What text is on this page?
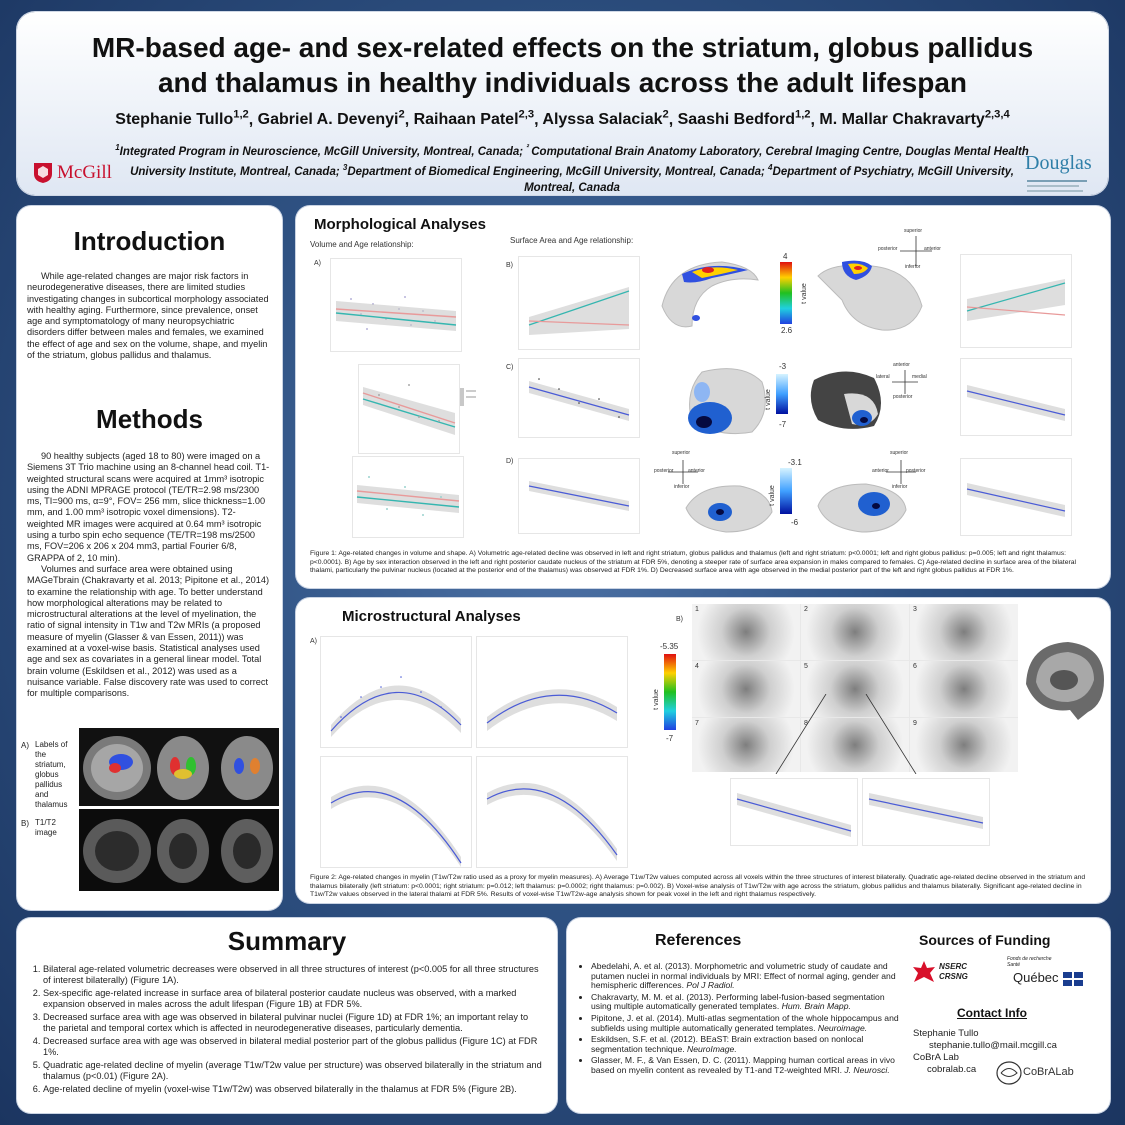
MR-based age- and sex-related effects on the striatum, globus pallidus
and thalamus in healthy individuals across the adult lifespan
Stephanie Tullo$^{1,2}$, Gabriel A. Devenyi$^2$, Raihaan Patel$^{2,3}$, Alyssa Salaciak$^2$, Saashi Bedford$^{1,2}$, M. Mallar Chakravarty$^{2,3,4}$
$^1$Integrated Program in Neuroscience, McGill University, Montreal, Canada; $^{^2}$ Computational Brain Anatomy Laboratory, Cerebral Imaging Centre, Douglas Mental Health University Institute, Montreal, Canada; $^3$Department of Biomedical Engineering, McGill University, Montreal, Canada; $^4$Department of Psychiatry, McGill University, Montreal, Canada
McGill	Douglas
Introduction
While age-related changes are major risk factors in neurodegenerative diseases, there are limited studies investigating changes in subcortical morphology associated with healthy aging. Furthermore, since prevalence, onset age and symptomatology of many neuropsychiatric disorders differ between males and females, we examined the effect of age and sex on the volume, shape, and myelin of the striatum, globus pallidus and thalamus.
Methods
90 healthy subjects (aged 18 to 80) were imaged on a Siemens 3T Trio machine using an 8-channel head coil. T1-weighted structural scans were acquired at 1mm³ isotropic using the ADNI MPRAGE protocol (TE/TR=2.98 ms/2300 ms, TI=900 ms, α=9°, FOV= 256 mm, slice thickness=1.00 mm, and 1.00 mm³ isotropic voxel dimensions). T2-weighted MR images were acquired at 0.64 mm³ isotropic using a turbo spin echo sequence (TE/TR=198 ms/2500 ms, FOV=206 x 206 x 204 mm3, partial Fourier 6/8, GRAPPA of 2, 10 min).
Volumes and surface area were obtained using MAGeTbrain (Chakravarty et al. 2013; Pipitone et al., 2014) to examine the relationship with age. To better understand how morphological alterations may be related to microstructural alterations at the level of myelination, the ratio of signal intensity in T1w and T2w MRIs (a proposed measure of myelin (Glasser & van Essen, 2011)) was examined at a voxel-wise basis. Statistical analyses used age and sex as covariates in a general linear model. Total brain volume (Eskildsen et al., 2012) was used as a nuisance variable. False discovery rate was used to correct for multiple comparisons.
A) Labels of the striatum, globus pallidus and thalamus
B) T1/T2 image
Morphological Analyses
Volume and Age relationship:	Surface Area and Age relationship:
A)	B)
C)
D)
superior
inferior
posterior	anterior
4
2.6
t value
-3
-7
t value
anterior
posterior
lateral	medial
superior
inferior
posterior	anterior
-3.1
-6
t value
superior
inferior
anterior	posterior
Figure 1: Age-related changes in volume and shape. A) Volumetric age-related decline was observed in left and right striatum, globus pallidus and thalamus (left and right striatum: p<0.0001; left and right globus pallidus: p=0.005; left and right thalamus: p<0.0001). B) Age by sex interaction observed in the left and right posterior caudate nucleus of the striatum at FDR 5%, denoting a steeper rate of surface area expansion in males compared to females. C) Age-related decline in surface area of the bilateral thalami, particularly the pulvinar nucleus (located at the posterior end of the thalamus) was observed at FDR 1%. D) Decreased surface area with age observed in the medial posterior part of the left and right globus pallidus at FDR 1%.
Microstructural Analyses
A)
B)
-5.35
-7
t value
1	2	3
4	5	6
7	8	9
Figure 2: Age-related changes in myelin (T1w/T2w ratio used as a proxy for myelin measures). A) Average T1w/T2w values computed across all voxels within the three structures of interest bilaterally. Quadratic age-related decline observed in the striatum and thalamus bilaterally (left striatum: p<0.0001; right striatum: p=0.012; left thalamus: p=0.0002; right thalamus: p=0.002). B) Voxel-wise analysis of T1w/T2w with age across the striatum, globus pallidus and thalamus bilaterally. Significant age-related decline in T1w/T2w values observed in the lateral thalami at FDR 5%. Results of voxel-wise T1w/T2w-age analysis shown for peak voxel in the left and right thalamus respectively.
Summary
1. Bilateral age-related volumetric decreases were observed in all three structures of interest (p<0.005 for all three structures of interest bilaterally) (Figure 1A).
2. Sex-specific age-related increase in surface area of bilateral posterior caudate nucleus was observed, with a marked expansion observed in males across the adult lifespan (Figure 1B) at FDR 5%.
3. Decreased surface area with age was observed in bilateral pulvinar nuclei (Figure 1D) at FDR 1%; an important relay to the parietal and temporal cortex which is affected in neurodegenerative diseases, particularly dementia.
4. Decreased surface area with age was observed in bilateral medial posterior part of the globus pallidus (Figure 1C) at FDR 1%.
5. Quadratic age-related decline of myelin (average T1w/T2w value per structure) was observed bilaterally in the striatum and thalamus (p<0.01) (Figure 2A).
6. Age-related decline of myelin (voxel-wise T1w/T2w) was observed bilaterally in the thalamus at FDR 5% (Figure 2B).
References
• Abedelahi, A. et al. (2013). Morphometric and volumetric study of caudate and putamen nuclei in normal individuals by MRI: Effect of normal aging, gender and hemispheric differences. Pol J Radiol.
• Chakravarty, M. M. et al. (2013). Performing label-fusion-based segmentation using multiple automatically generated templates. Hum. Brain Mapp.
• Pipitone, J. et al. (2014). Multi-atlas segmentation of the whole hippocampus and subfields using multiple automatically generated templates. Neuroimage.
• Eskildsen, S.F. et al. (2012). BEaST: Brain extraction based on nonlocal segmentation technique. NeuroImage.
• Glasser, M. F., & Van Essen, D. C. (2011). Mapping human cortical areas in vivo based on myelin content as revealed by T1-and T2-weighted MRI. J. Neurosci.
Sources of Funding
NSERC
CRSNG
Fonds de recherche
Santé
Québec
Contact Info
Stephanie Tullo
stephanie.tullo@mail.mcgill.ca
CoBrA Lab
cobralab.ca	CoBrALab
